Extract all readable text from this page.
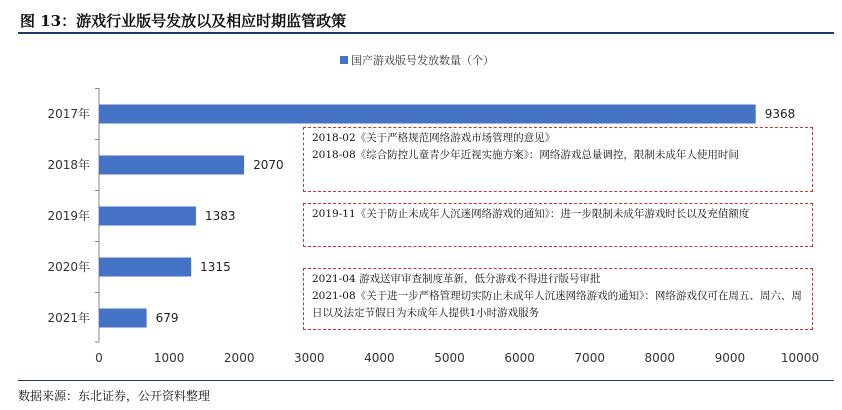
图 13：游戏行业版号发放以及相应时期监管政策
国产游戏版号发放数量（个）
2017年
2018年
2019年
2020年
2021年
9368
2070
1383
1315
679
0	1000	2000	3000	4000	5000	6000	7000	8000	9000	10000
2018-02《关于严格规范网络游戏市场管理的意见》
2018-08《综合防控儿童青少年近视实施方案》：网络游戏总量调控，限制未成年人使用时间
2019-11《关于防止未成年人沉迷网络游戏的通知》：进一步限制未成年游戏时长以及充值额度
2021-04 游戏送审审查制度革新，低分游戏不得进行版号审批
2021-08《关于进一步严格管理切实防止未成年人沉迷网络游戏的通知》：网络游戏仅可在周五、周六、周日以及法定节假日为未成年人提供1小时游戏服务
数据来源：东北证券，公开资料整理
